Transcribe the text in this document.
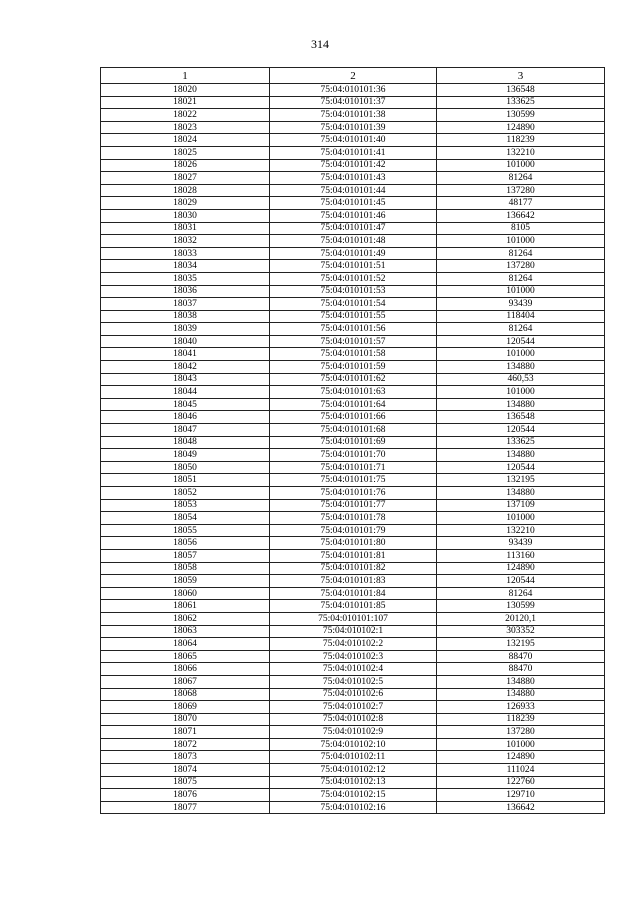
314
1	2	3
18020	75:04:010101:36	136548
18021	75:04:010101:37	133625
18022	75:04:010101:38	130599
18023	75:04:010101:39	124890
18024	75:04:010101:40	118239
18025	75:04:010101:41	132210
18026	75:04:010101:42	101000
18027	75:04:010101:43	81264
18028	75:04:010101:44	137280
18029	75:04:010101:45	48177
18030	75:04:010101:46	136642
18031	75:04:010101:47	8105
18032	75:04:010101:48	101000
18033	75:04:010101:49	81264
18034	75:04:010101:51	137280
18035	75:04:010101:52	81264
18036	75:04:010101:53	101000
18037	75:04:010101:54	93439
18038	75:04:010101:55	118404
18039	75:04:010101:56	81264
18040	75:04:010101:57	120544
18041	75:04:010101:58	101000
18042	75:04:010101:59	134880
18043	75:04:010101:62	460,53
18044	75:04:010101:63	101000
18045	75:04:010101:64	134880
18046	75:04:010101:66	136548
18047	75:04:010101:68	120544
18048	75:04:010101:69	133625
18049	75:04:010101:70	134880
18050	75:04:010101:71	120544
18051	75:04:010101:75	132195
18052	75:04:010101:76	134880
18053	75:04:010101:77	137109
18054	75:04:010101:78	101000
18055	75:04:010101:79	132210
18056	75:04:010101:80	93439
18057	75:04:010101:81	113160
18058	75:04:010101:82	124890
18059	75:04:010101:83	120544
18060	75:04:010101:84	81264
18061	75:04:010101:85	130599
18062	75:04:010101:107	20120,1
18063	75:04:010102:1	303352
18064	75:04:010102:2	132195
18065	75:04:010102:3	88470
18066	75:04:010102:4	88470
18067	75:04:010102:5	134880
18068	75:04:010102:6	134880
18069	75:04:010102:7	126933
18070	75:04:010102:8	118239
18071	75:04:010102:9	137280
18072	75:04:010102:10	101000
18073	75:04:010102:11	124890
18074	75:04:010102:12	111024
18075	75:04:010102:13	122760
18076	75:04:010102:15	129710
18077	75:04:010102:16	136642
